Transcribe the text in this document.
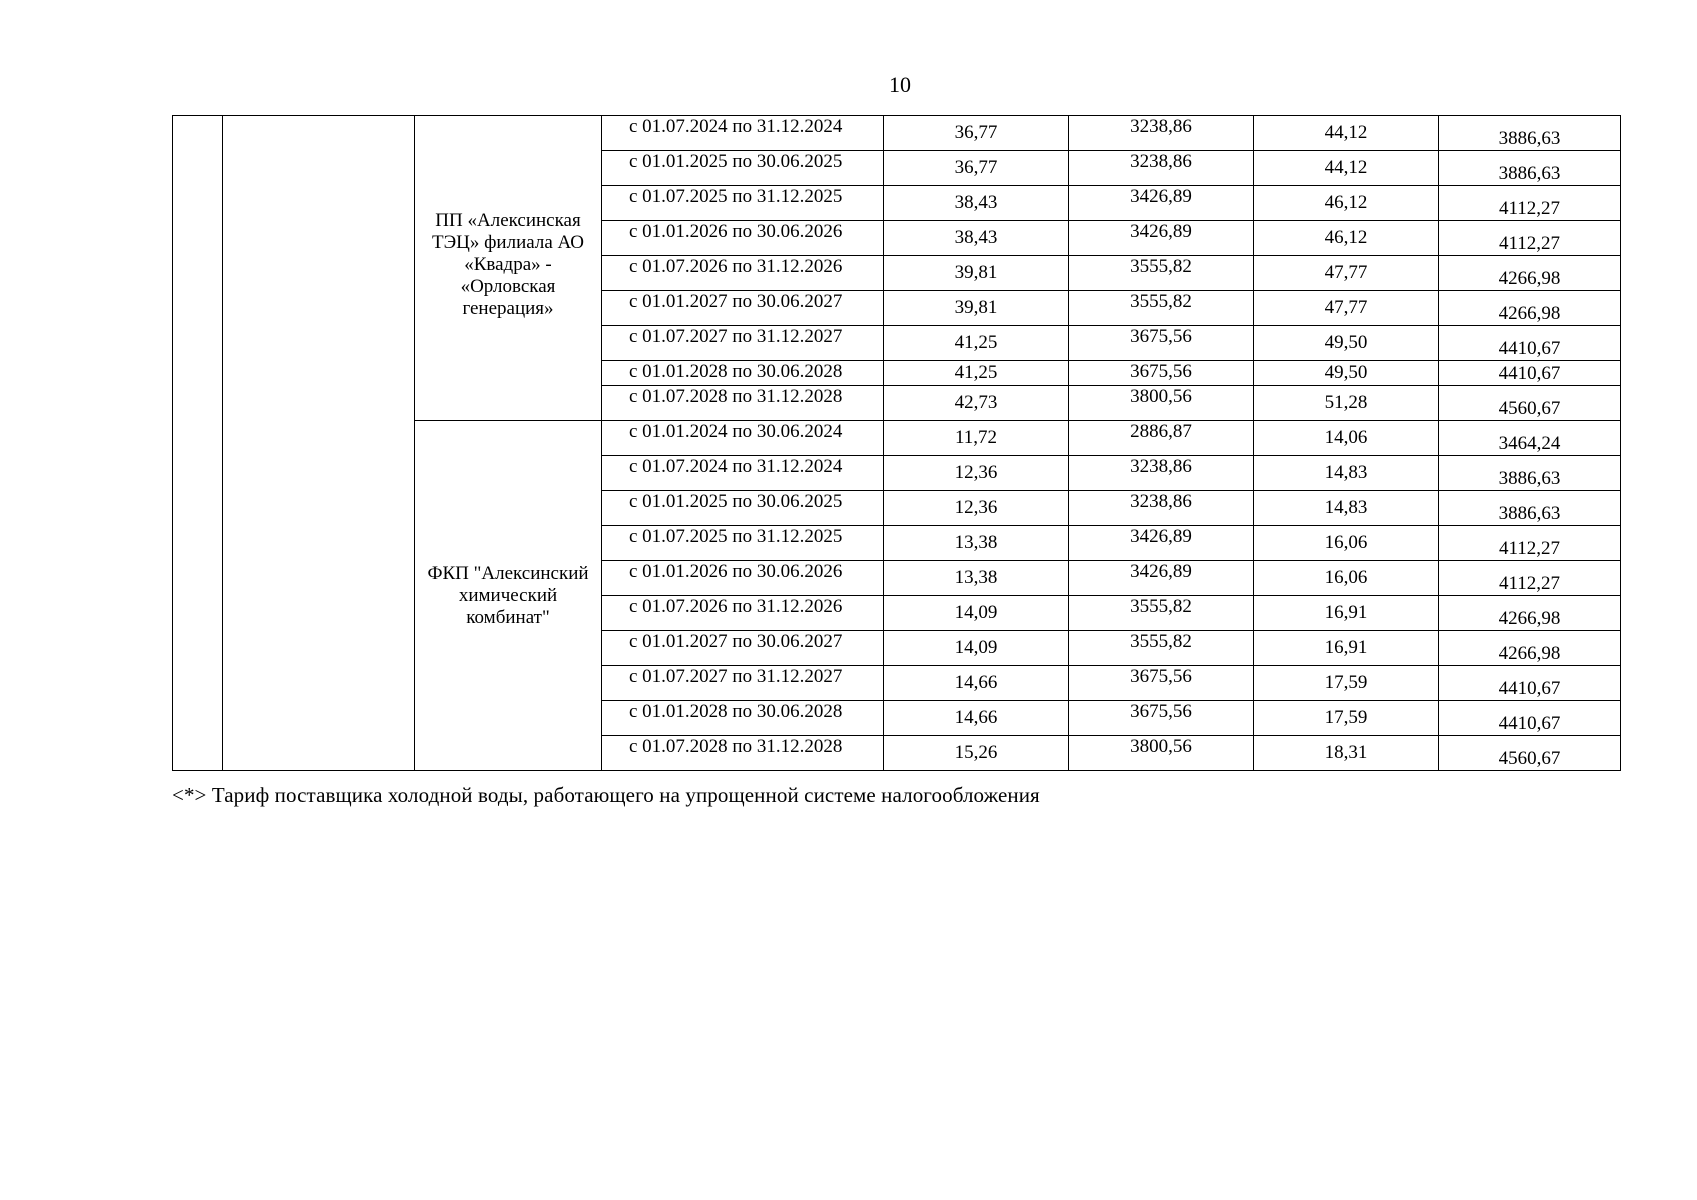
10
		ПП «Алексинская ТЭЦ» филиала АО «Квадра» - «Орловская генерация»	с 01.07.2024 по 31.12.2024	36,77	3238,86	44,12	3886,63
			с 01.01.2025 по 30.06.2025	36,77	3238,86	44,12	3886,63
			с 01.07.2025 по 31.12.2025	38,43	3426,89	46,12	4112,27
			с 01.01.2026 по 30.06.2026	38,43	3426,89	46,12	4112,27
			с 01.07.2026 по 31.12.2026	39,81	3555,82	47,77	4266,98
			с 01.01.2027 по 30.06.2027	39,81	3555,82	47,77	4266,98
			с 01.07.2027 по 31.12.2027	41,25	3675,56	49,50	4410,67
			с 01.01.2028 по 30.06.2028	41,25	3675,56	49,50	4410,67
			с 01.07.2028 по 31.12.2028	42,73	3800,56	51,28	4560,67
		ФКП "Алексинский химический комбинат"	с 01.01.2024 по 30.06.2024	11,72	2886,87	14,06	3464,24
			с 01.07.2024 по 31.12.2024	12,36	3238,86	14,83	3886,63
			с 01.01.2025 по 30.06.2025	12,36	3238,86	14,83	3886,63
			с 01.07.2025 по 31.12.2025	13,38	3426,89	16,06	4112,27
			с 01.01.2026 по 30.06.2026	13,38	3426,89	16,06	4112,27
			с 01.07.2026 по 31.12.2026	14,09	3555,82	16,91	4266,98
			с 01.01.2027 по 30.06.2027	14,09	3555,82	16,91	4266,98
			с 01.07.2027 по 31.12.2027	14,66	3675,56	17,59	4410,67
			с 01.01.2028 по 30.06.2028	14,66	3675,56	17,59	4410,67
			с 01.07.2028 по 31.12.2028	15,26	3800,56	18,31	4560,67
<*> Тариф поставщика холодной воды, работающего на упрощенной системе налогообложения
